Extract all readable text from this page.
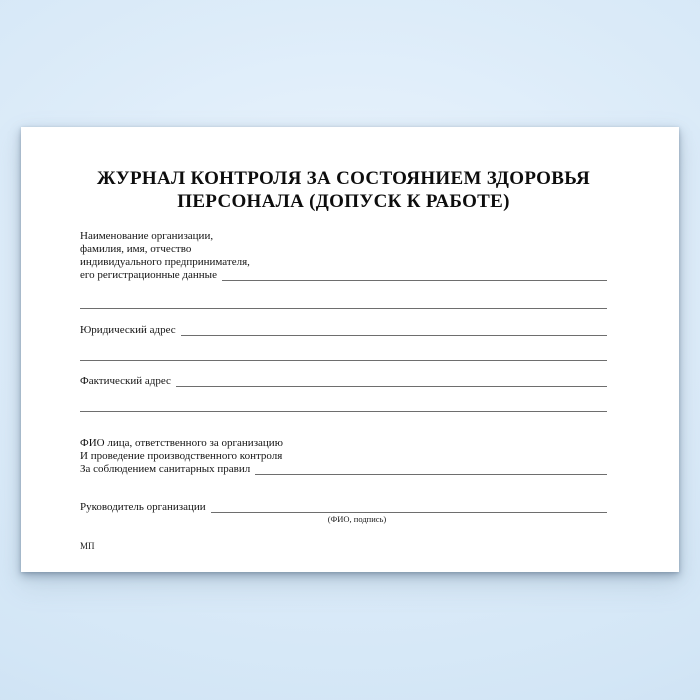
ЖУРНАЛ КОНТРОЛЯ ЗА СОСТОЯНИЕМ ЗДОРОВЬЯ
ПЕРСОНАЛА (ДОПУСК К РАБОТЕ)
Наименование организации,
фамилия, имя, отчество
индивидуального предпринимателя,
его регистрационные данные
Юридический адрес
Фактический адрес
ФИО лица, ответственного за организацию
И проведение производственного контроля
За соблюдением санитарных правил
Руководитель организации
(ФИО, подпись)
МП
